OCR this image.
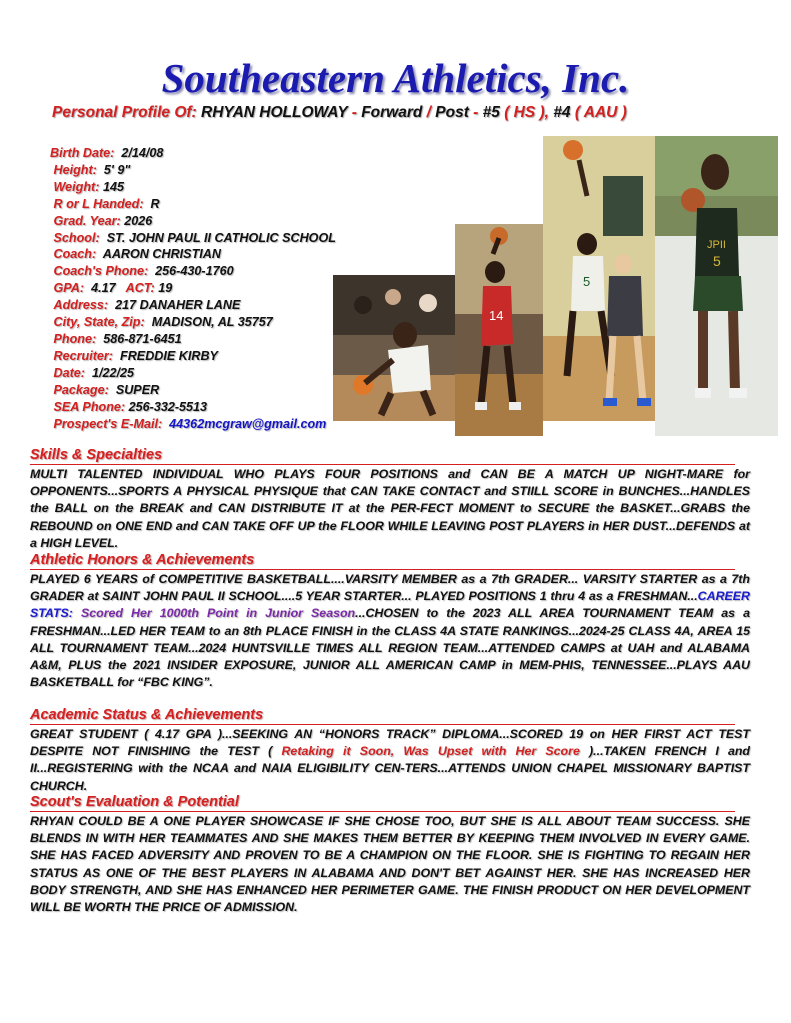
Southeastern Athletics, Inc.
Personal Profile Of: RHYAN HOLLOWAY - Forward / Post - #5 ( HS ), #4 ( AAU )
Birth Date: 2/14/08
Height: 5' 9"
Weight: 145
R or L Handed: R
Grad. Year: 2026
School: ST. JOHN PAUL II CATHOLIC SCHOOL
Coach: AARON CHRISTIAN
Coach's Phone: 256-430-1760
GPA: 4.17 ACT: 19
Address: 217 DANAHER LANE
City, State, Zip: MADISON, AL 35757
Phone: 586-871-6451
Recruiter: FREDDIE KIRBY
Date: 1/22/25
Package: SUPER
SEA Phone: 256-332-5513
Prospect's E-Mail: 44362mcgraw@gmail.com
14
5
JPII
5
Skills & Specialties
MULTI TALENTED INDIVIDUAL WHO PLAYS FOUR POSITIONS and CAN BE A MATCH UP NIGHT-MARE for OPPONENTS...SPORTS A PHYSICAL PHYSIQUE that CAN TAKE CONTACT and STIILL SCORE in BUNCHES...HANDLES the BALL on the BREAK and CAN DISTRIBUTE IT at the PER-FECT MOMENT to SECURE the BASKET...GRABS the REBOUND on ONE END and CAN TAKE OFF UP the FLOOR WHILE LEAVING POST PLAYERS in HER DUST...DEFENDS at a HIGH LEVEL.
Athletic Honors & Achievements
PLAYED 6 YEARS of COMPETITIVE BASKETBALL....VARSITY MEMBER as a 7th GRADER... VARSITY STARTER as a 7th GRADER at SAINT JOHN PAUL II SCHOOL....5 YEAR STARTER... PLAYED POSITIONS 1 thru 4 as a FRESHMAN...CAREER STATS: Scored Her 1000th Point in Junior Season...CHOSEN to the 2023 ALL AREA TOURNAMENT TEAM as a FRESHMAN...LED HER TEAM to an 8th PLACE FINISH in the CLASS 4A STATE RANKINGS...2024-25 CLASS 4A, AREA 15 ALL TOURNAMENT TEAM...2024 HUNTSVILLE TIMES ALL REGION TEAM...ATTENDED CAMPS at UAH and ALABAMA A&M, PLUS the 2021 INSIDER EXPOSURE, JUNIOR ALL AMERICAN CAMP in MEM-PHIS, TENNESSEE...PLAYS AAU BASKETBALL for “FBC KING”.
Academic Status & Achievements
GREAT STUDENT ( 4.17 GPA )...SEEKING AN “HONORS TRACK” DIPLOMA...SCORED 19 on HER FIRST ACT TEST DESPITE NOT FINISHING the TEST ( Retaking it Soon, Was Upset with Her Score )...TAKEN FRENCH I and II...REGISTERING with the NCAA and NAIA ELIGIBILITY CEN-TERS...ATTENDS UNION CHAPEL MISSIONARY BAPTIST CHURCH.
Scout's Evaluation & Potential
RHYAN COULD BE A ONE PLAYER SHOWCASE IF SHE CHOSE TOO, BUT SHE IS ALL ABOUT TEAM SUCCESS. SHE BLENDS IN WITH HER TEAMMATES AND SHE MAKES THEM BETTER BY KEEPING THEM INVOLVED IN EVERY GAME. SHE HAS FACED ADVERSITY AND PROVEN TO BE A CHAMPION ON THE FLOOR. SHE IS FIGHTING TO REGAIN HER STATUS AS ONE OF THE BEST PLAYERS IN ALABAMA AND DON'T BET AGAINST HER. SHE HAS INCREASED HER BODY STRENGTH, AND SHE HAS ENHANCED HER PERIMETER GAME. THE FINISH PRODUCT ON HER DEVELOPMENT WILL BE WORTH THE PRICE OF ADMISSION.
